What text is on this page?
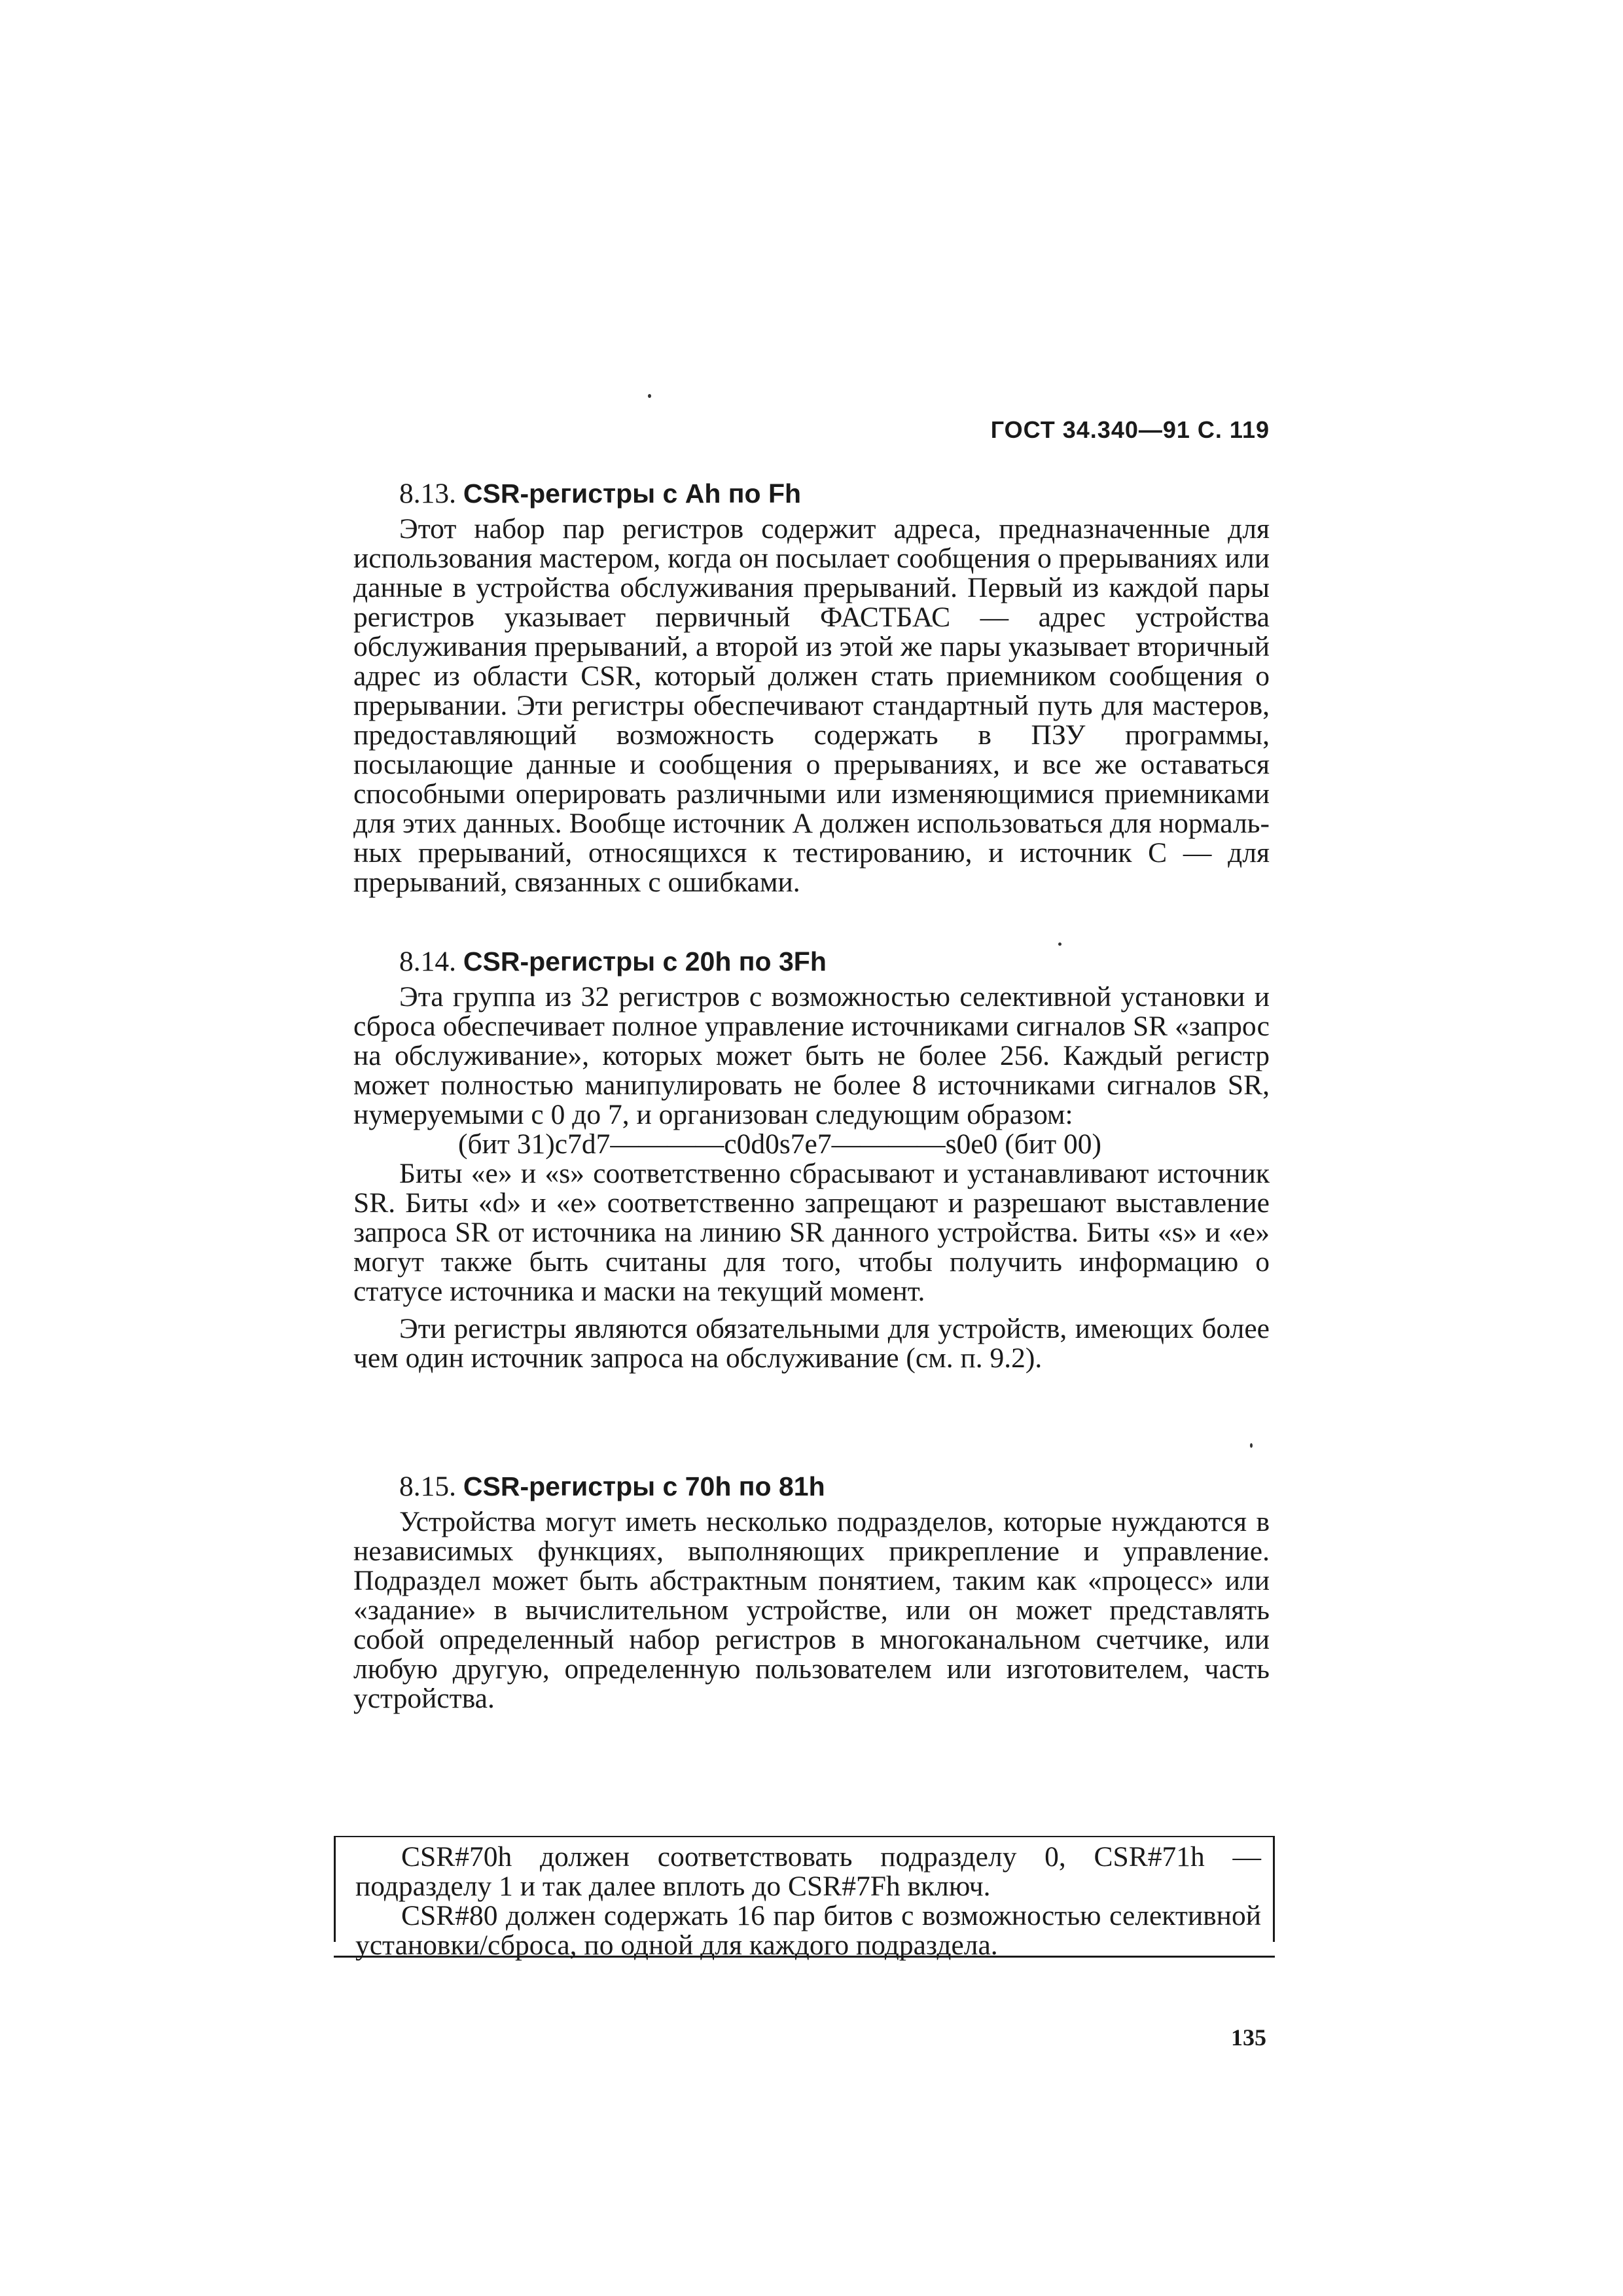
ГОСТ 34.340—91 С. 119
8.13. CSR-регистры с Ah по Fh

Этот набор пар регистров содержит адреса, предназначенные для использования мастером, когда он посылает сообщения о прерываниях или данные в устройства обслуживания прерываний. Первый из каждой пары регистров указывает первичный ФАСТБАС — адрес устройства обслуживания прерываний, а второй из этой же пары указывает вторичный адрес из области CSR, который должен стать приемником сообщения о прерывании. Эти регистры обеспечивают стандартный путь для мастеров, предоставляющий возможность содержать в ПЗУ программы, посылающие данные и сообщения о прерываниях, и все же оставаться способными оперировать различными или изменяющимися приемниками для этих данных. Вообще источник А должен использоваться для нормальных прерываний, относящихся к тестированию, и источник С — для прерываний, связанных с ошибками.

8.14. CSR-регистры с 20h по 3Fh

Эта группа из 32 регистров с возможностью селективной установки и сброса обеспечивает полное управление источниками сигналов SR «запрос на обслуживание», которых может быть не более 256. Каждый регистр может полностью манипулировать не более 8 источниками сигналов SR, нумеруемыми с 0 до 7, и организован следующим образом:

(бит 31)c7d7————c0d0s7e7————s0e0 (бит 00)

Биты «e» и «s» соответственно сбрасывают и устанавливают источник SR. Биты «d» и «e» соответственно запрещают и разрешают выставление запроса SR от источника на линию SR данного устройства. Биты «s» и «e» могут также быть считаны для того, чтобы получить информацию о статусе источника и маски на текущий момент.

Эти регистры являются обязательными для устройств, имеющих более чем один источник запроса на обслуживание (см. п. 9.2).

8.15. CSR-регистры с 70h по 81h

Устройства могут иметь несколько подразделов, которые нуждаются в независимых функциях, выполняющих прикрепление и управление. Подраздел может быть абстрактным понятием, таким как «процесс» или «задание» в вычислительном устройстве, или он может представлять собой определенный набор регистров в многоканальном счетчике, или любую другую, определенную пользователем или изготовителем, часть устройства.

CSR#70h должен соответствовать подразделу 0, CSR#71h — подразделу 1 и так далее вплоть до CSR#7Fh включ.

CSR#80 должен содержать 16 пар битов с возможностью селективной установки/сброса, по одной для каждого подраздела.

135
